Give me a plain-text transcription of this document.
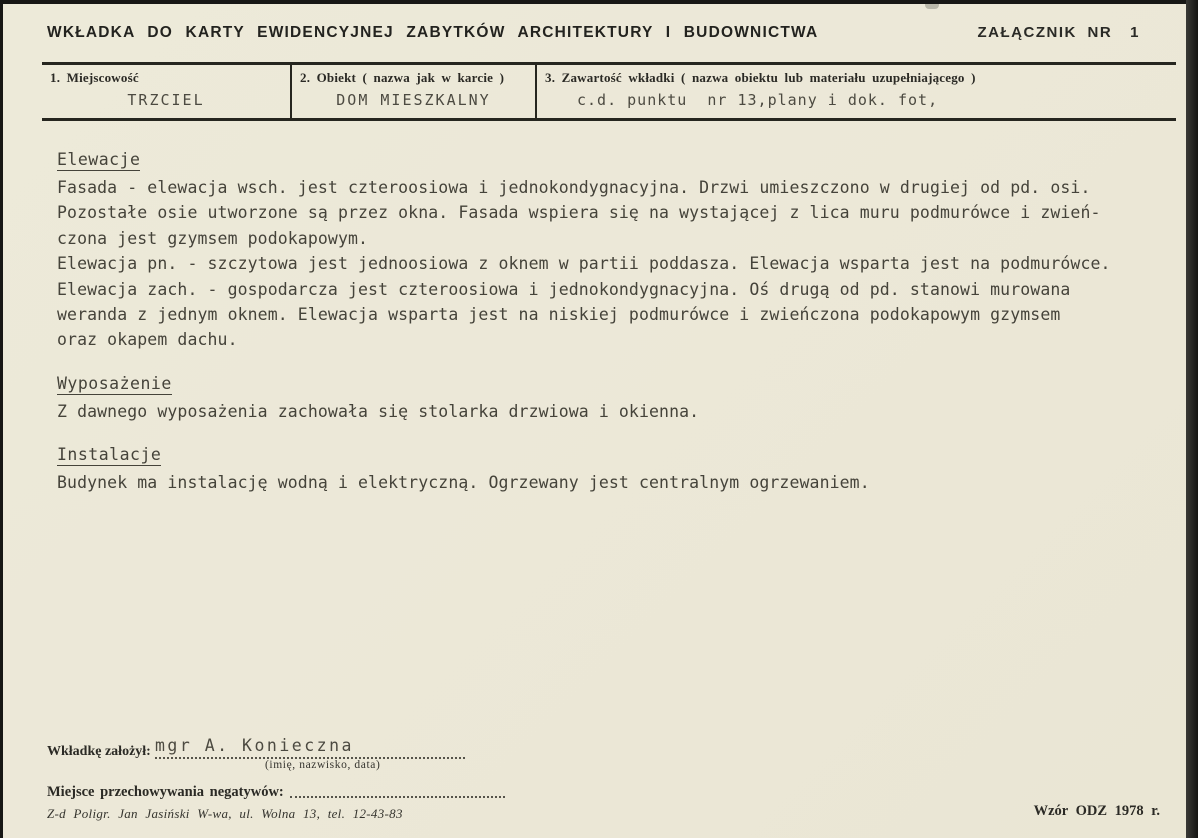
WKŁADKA DO KARTY EWIDENCYJNEJ ZABYTKÓW ARCHITEKTURY I BUDOWNICTWA	ZAŁĄCZNIK NR 1
1. Miejscowość
TRZCIEL
2. Obiekt ( nazwa jak w karcie )
DOM MIESZKALNY
3. Zawartość wkładki ( nazwa obiektu lub materiału uzupełniającego )
c.d. punktu  nr 13,plany i dok. fot,
Elewacje
Fasada - elewacja wsch. jest czteroosiowa i jednokondygnacyjna. Drzwi umieszczono w drugiej od pd. osi.
Pozostałe osie utworzone są przez okna. Fasada wspiera się na wystającej z lica muru podmurówce i zwień-
czona jest gzymsem podokapowym.
Elewacja pn. - szczytowa jest jednoosiowa z oknem w partii poddasza. Elewacja wsparta jest na podmurówce.
Elewacja zach. - gospodarcza jest czteroosiowa i jednokondygnacyjna. Oś drugą od pd. stanowi murowana
weranda z jednym oknem. Elewacja wsparta jest na niskiej podmurówce i zwieńczona podokapowym gzymsem
oraz okapem dachu.
Wyposażenie
Z dawnego wyposażenia zachowała się stolarka drzwiowa i okienna.
Instalacje
Budynek ma instalację wodną i elektryczną. Ogrzewany jest centralnym ogrzewaniem.
Wkładkę założył: mgr A. Konieczna
(imię, nazwisko, data)
Miejsce przechowywania negatywów:
Z-d Poligr. Jan Jasiński W-wa, ul. Wolna 13, tel. 12-43-83	Wzór ODZ 1978 r.
